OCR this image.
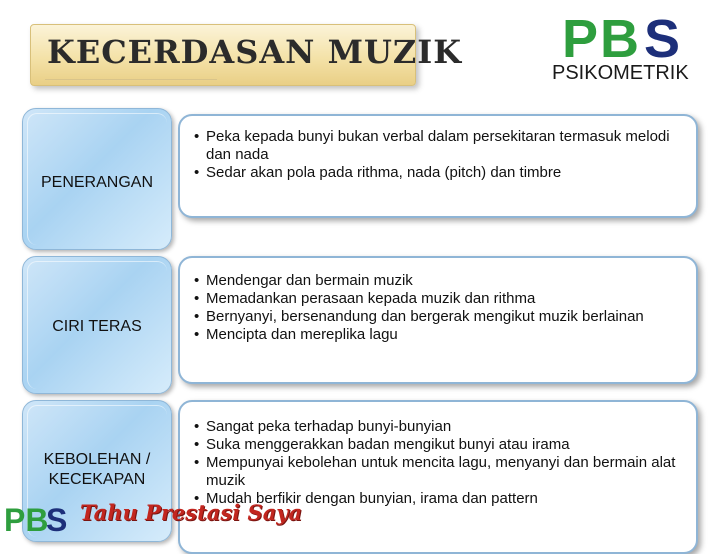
KECERDASAN MUZIK P B S
PSIKOMETRIK
PENERANGAN
• Peka kepada bunyi bukan verbal dalam persekitaran termasuk melodi dan nada
• Sedar akan pola pada rithma, nada (pitch) dan timbre
CIRI TERAS
• Mendengar dan bermain muzik
• Memadankan perasaan kepada muzik dan rithma
• Bernyanyi, bersenandung dan bergerak mengikut muzik berlainan
• Mencipta dan mereplika lagu
KEBOLEHAN /
KECEKAPAN
• Sangat peka terhadap bunyi-bunyian
• Suka menggerakkan badan mengikut bunyi atau irama
• Mempunyai kebolehan untuk mencita lagu, menyanyi dan bermain alat muzik
• Mudah berfikir dengan bunyian, irama dan pattern
PB
S Tahu Prestasi Saya
